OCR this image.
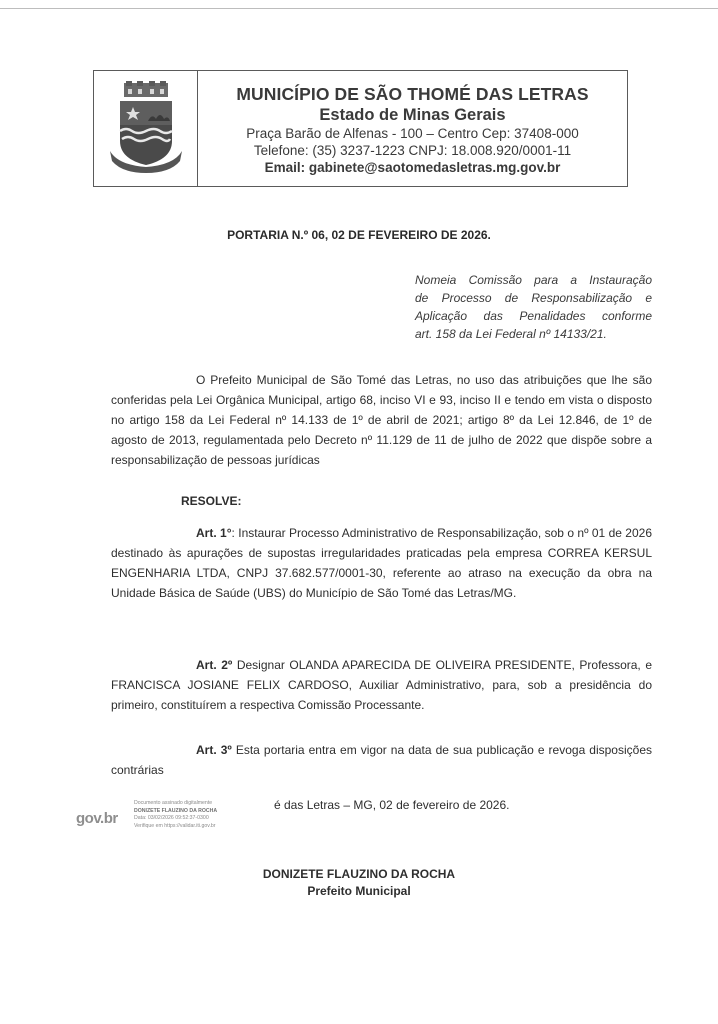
MUNICÍPIO DE SÃO THOMÉ DAS LETRAS
Estado de Minas Gerais
Praça Barão de Alfenas - 100 – Centro Cep: 37408-000
Telefone: (35) 3237-1223 CNPJ: 18.008.920/0001-11
Email: gabinete@saotomedasletras.mg.gov.br
PORTARIA N.º 06, 02 DE FEVEREIRO DE 2026.
Nomeia Comissão para a Instauração
de Processo de Responsabilização e
Aplicação das Penalidades conforme
art. 158 da Lei Federal nº 14133/21.
O Prefeito Municipal de São Tomé das Letras, no uso das atribuições que lhe são conferidas pela Lei Orgânica Municipal, artigo 68, inciso VI e 93, inciso II e tendo em vista o disposto no artigo 158 da Lei Federal nº 14.133 de 1º de abril de 2021; artigo 8º da Lei 12.846, de 1º de agosto de 2013, regulamentada pelo Decreto nº 11.129 de 11 de julho de 2022 que dispõe sobre a responsabilização de pessoas jurídicas
RESOLVE:
Art. 1°: Instaurar Processo Administrativo de Responsabilização, sob o nº 01 de 2026 destinado às apurações de supostas irregularidades praticadas pela empresa CORREA KERSUL ENGENHARIA LTDA, CNPJ 37.682.577/0001-30, referente ao atraso na execução da obra na Unidade Básica de Saúde (UBS) do Município de São Tomé das Letras/MG.
Art. 2º Designar OLANDA APARECIDA DE OLIVEIRA PRESIDENTE, Professora, e FRANCISCA JOSIANE FELIX CARDOSO, Auxiliar Administrativo, para, sob a presidência do primeiro, constituírem a respectiva Comissão Processante.
Art. 3º Esta portaria entra em vigor na data de sua publicação e revoga disposições contrárias
é das Letras – MG, 02 de fevereiro de 2026.
gov.br
Documento assinado digitalmente
DONIZETE FLAUZINO DA ROCHA
Data: 03/02/2026 09:52:37-0300
Verifique em https://validar.iti.gov.br
DONIZETE FLAUZINO DA ROCHA
Prefeito Municipal
